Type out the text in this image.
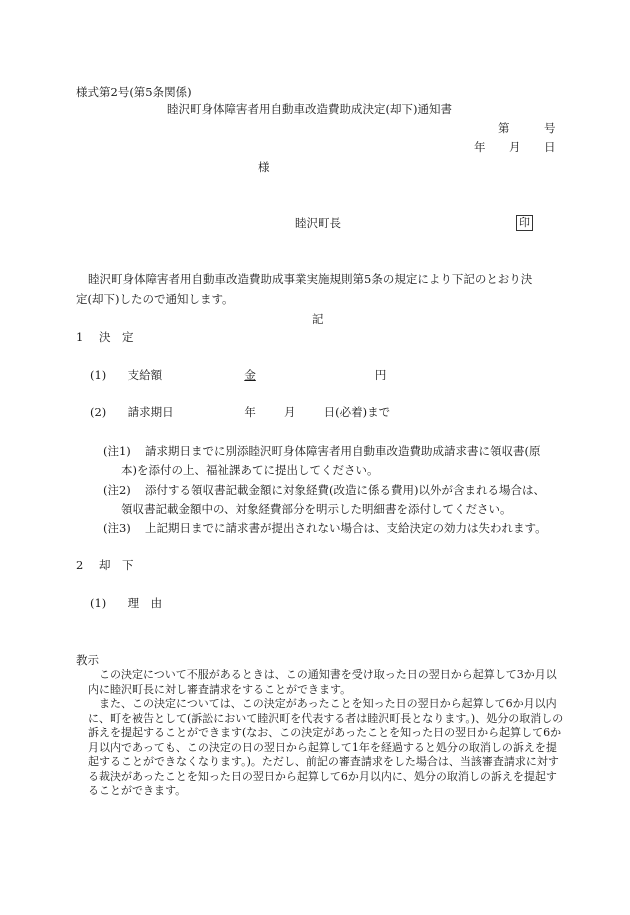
様式第2号(第5条関係)
睦沢町身体障害者用自動車改造費助成決定(却下)通知書
第	号
年 月 日
様
睦沢町長	印
睦沢町身体障害者用自動車改造費助成事業実施規則第5条の規定により下記のとおり決
定(却下)したので通知します。
記
1 決　定
(1) 支給額	金	円
(2) 請求期日	年 月 日(必着)まで
(注1) 請求期日までに別添睦沢町身体障害者用自動車改造費助成請求書に領収書(原
本)を添付の上、福祉課あてに提出してください。
(注2) 添付する領収書記載金額に対象経費(改造に係る費用)以外が含まれる場合は、
領収書記載金額中の、対象経費部分を明示した明細書を添付してください。
(注3) 上記期日までに請求書が提出されない場合は、支給決定の効力は失われます。
2 却　下
(1) 理　由
教示

この決定について不服があるときは、この通知書を受け取った日の翌日から起算して3か月以内に睦沢町長に対し審査請求をすることができます。

また、この決定については、この決定があったことを知った日の翌日から起算して6か月以内に、町を被告として(訴訟において睦沢町を代表する者は睦沢町長となります。)、処分の取消しの訴えを提起することができます(なお、この決定があったことを知った日の翌日から起算して6か月以内であっても、この決定の日の翌日から起算して1年を経過すると処分の取消しの訴えを提起することができなくなります。)。ただし、前記の審査請求をした場合は、当該審査請求に対する裁決があったことを知った日の翌日から起算して6か月以内に、処分の取消しの訴えを提起することができます。
